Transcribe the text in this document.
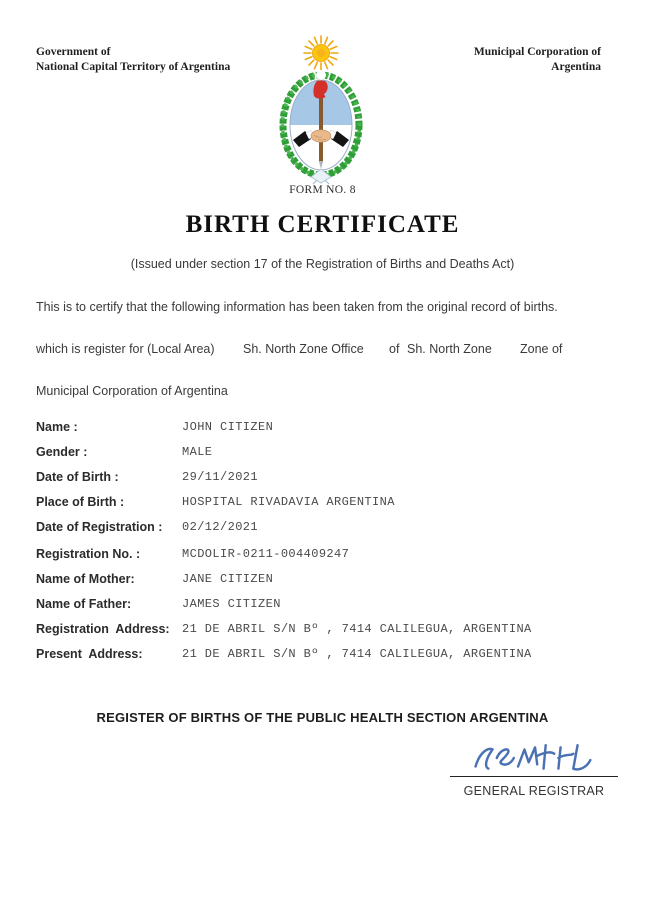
Government of
National Capital Territory of Argentina
Municipal Corporation of
Argentina
FORM NO. 8
BIRTH CERTIFICATE
(Issued under section 17 of the Registration of Births and Deaths Act)
This is to certify that the following information has been taken from the original record of births.
which is register for (Local Area) Sh. North Zone Office of Sh. North Zone Zone of
Municipal Corporation of Argentina
Name :	JOHN CITIZEN
Gender :	MALE
Date of Birth :	29/11/2021
Place of Birth :	HOSPITAL RIVADAVIA ARGENTINA
Date of Registration :	02/12/2021
Registration No. :	MCDOLIR-0211-004409247
Name of Mother:	JANE CITIZEN
Name of Father:	JAMES CITIZEN
Registration  Address:	21 DE ABRIL S/N Bº , 7414 CALILEGUA, ARGENTINA
Present  Address:	21 DE ABRIL S/N Bº , 7414 CALILEGUA, ARGENTINA
REGISTER OF BIRTHS OF THE PUBLIC HEALTH SECTION ARGENTINA
GENERAL REGISTRAR
